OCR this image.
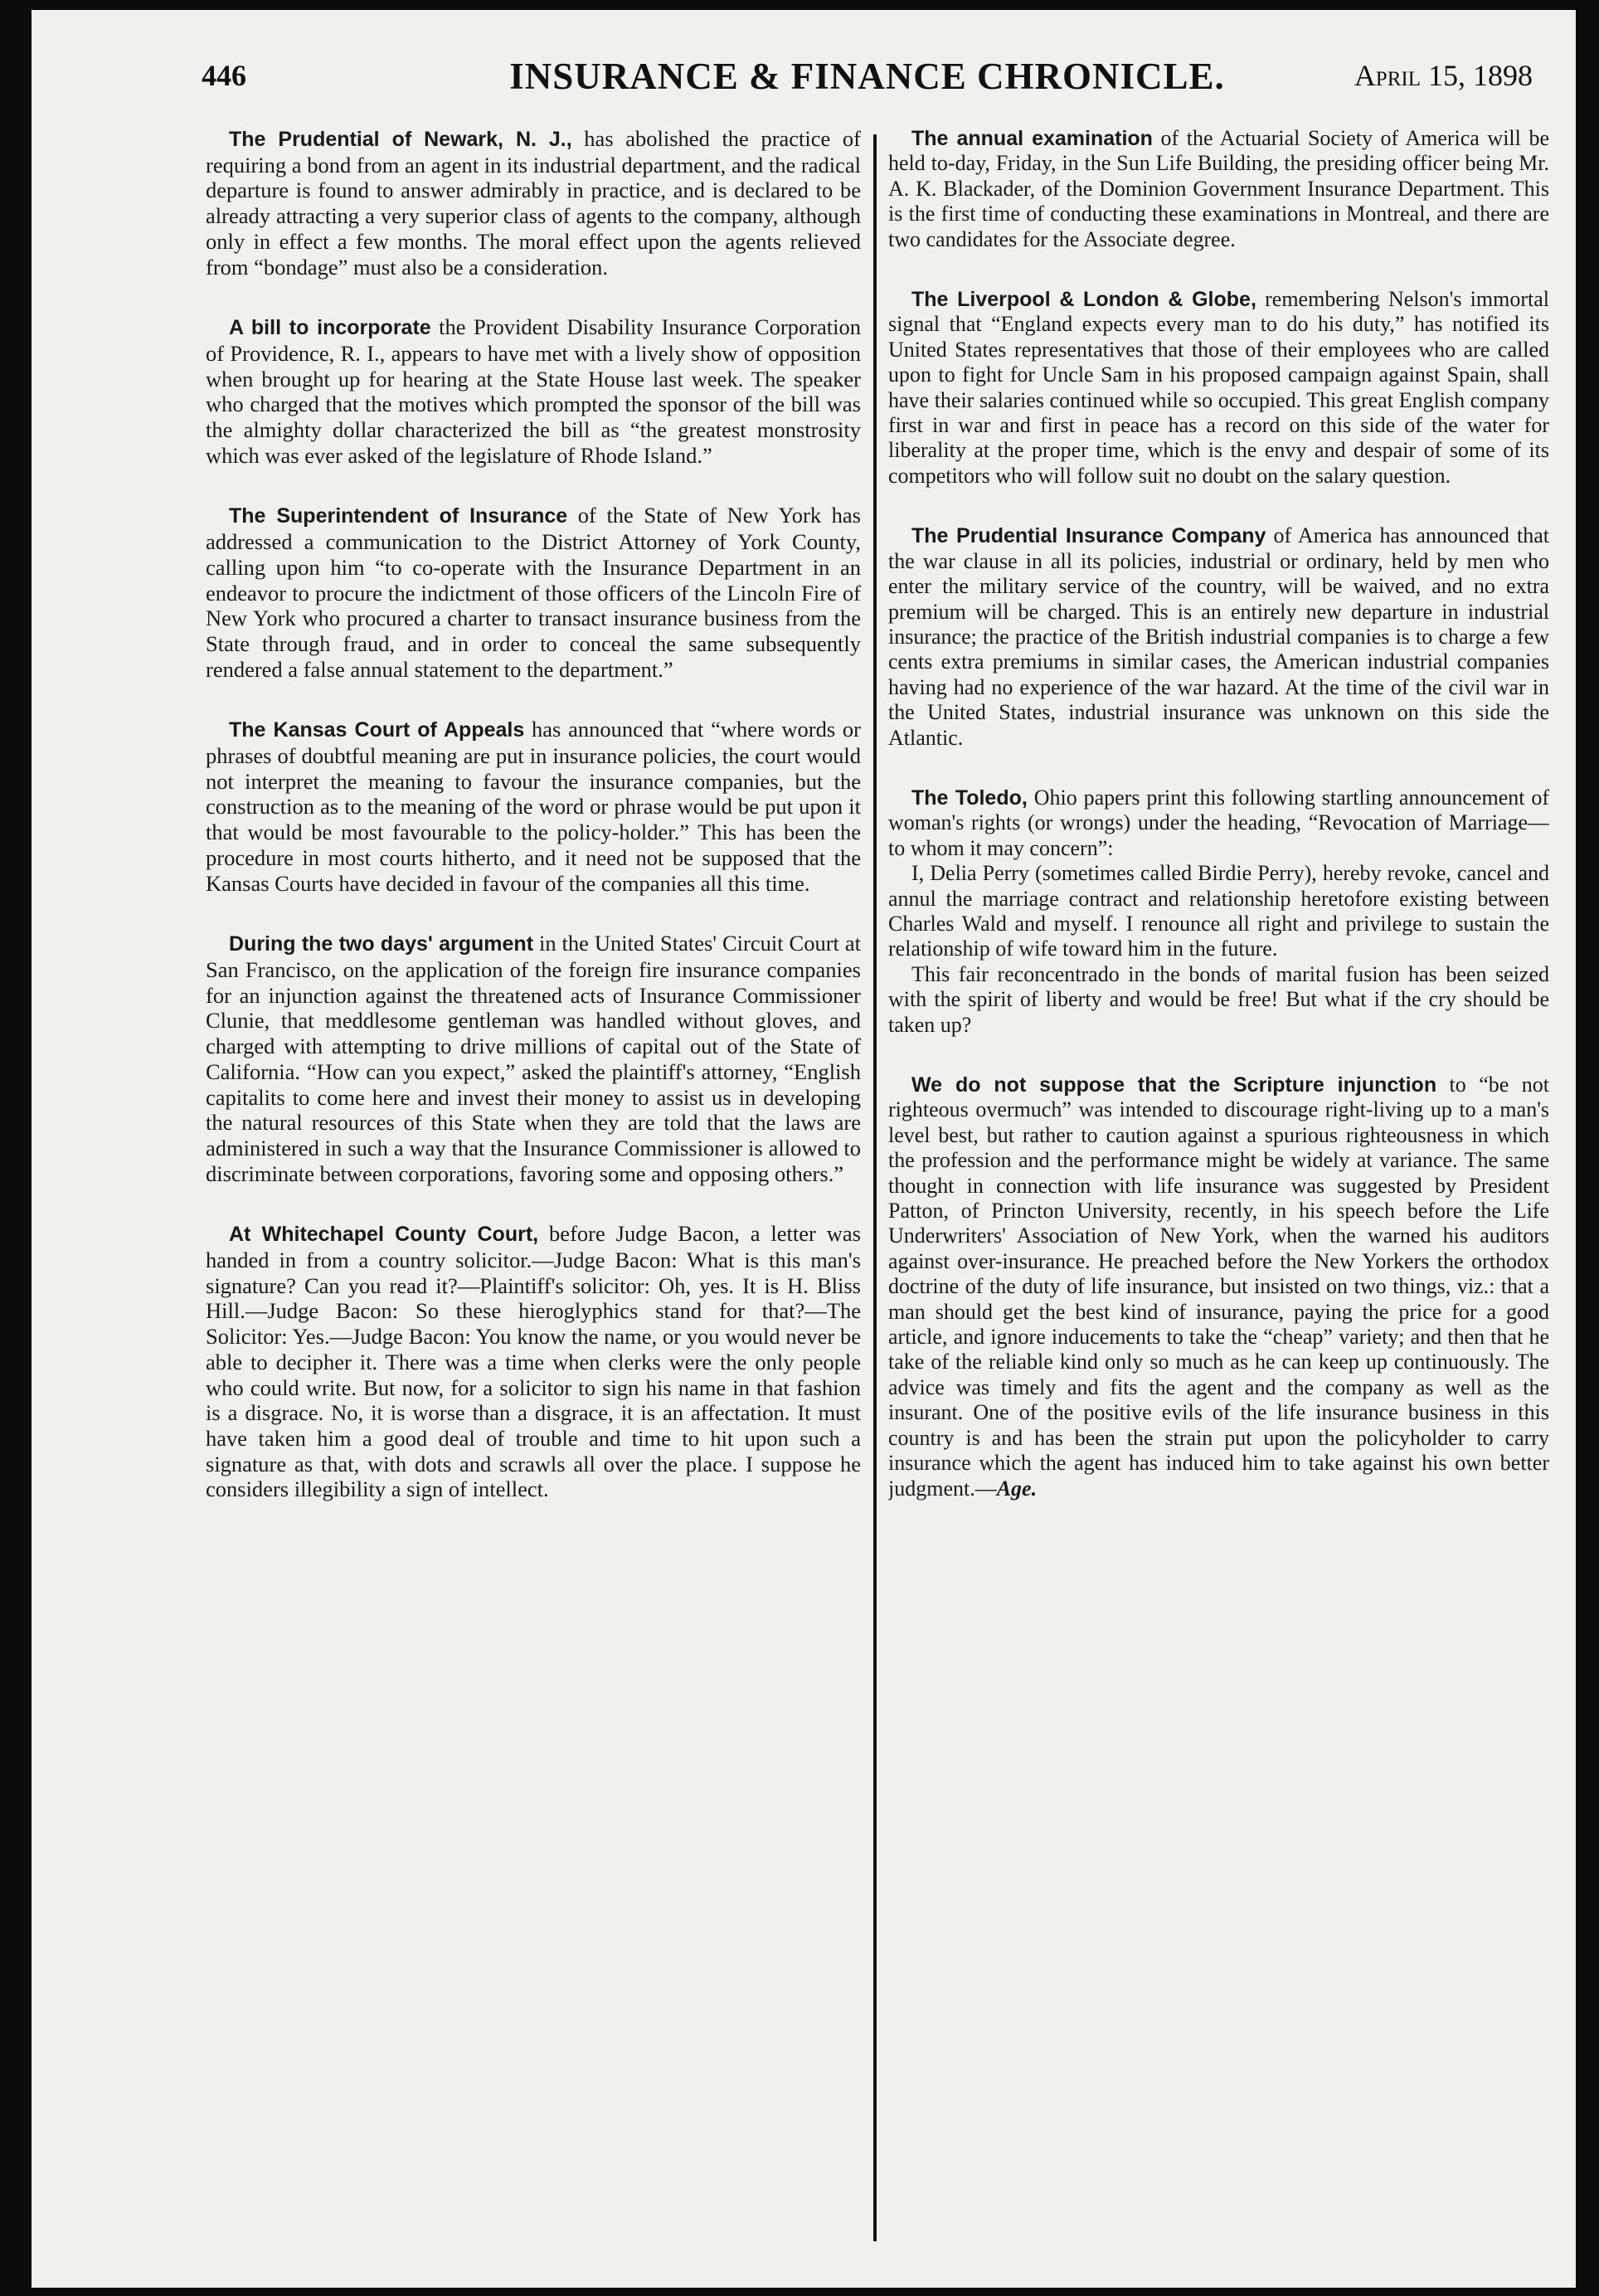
446	INSURANCE & FINANCE CHRONICLE.	April 15, 1898

The Prudential of Newark, N. J., has abolished the practice of requiring a bond from an agent in its industrial department, and the radical departure is found to answer admirably in practice, and is declared to be already attracting a very superior class of agents to the company, although only in effect a few months. The moral effect upon the agents relieved from “bondage” must also be a consideration.

A bill to incorporate the Provident Disability Insurance Corporation of Providence, R. I., appears to have met with a lively show of opposition when brought up for hearing at the State House last week. The speaker who charged that the motives which prompted the sponsor of the bill was the almighty dollar characterized the bill as “the greatest monstrosity which was ever asked of the legislature of Rhode Island.”

The Superintendent of Insurance of the State of New York has addressed a communication to the District Attorney of York County, calling upon him “to co-operate with the Insurance Department in an endeavor to procure the indictment of those officers of the Lincoln Fire of New York who procured a charter to transact insurance business from the State through fraud, and in order to conceal the same subsequently rendered a false annual statement to the department.”

The Kansas Court of Appeals has announced that “where words or phrases of doubtful meaning are put in insurance policies, the court would not interpret the meaning to favour the insurance companies, but the construction as to the meaning of the word or phrase would be put upon it that would be most favourable to the policy-holder.” This has been the procedure in most courts hitherto, and it need not be supposed that the Kansas Courts have decided in favour of the companies all this time.

During the two days' argument in the United States' Circuit Court at San Francisco, on the application of the foreign fire insurance companies for an injunction against the threatened acts of Insurance Commissioner Clunie, that meddlesome gentleman was handled without gloves, and charged with attempting to drive millions of capital out of the State of California. “How can you expect,” asked the plaintiff's attorney, “English capitalits to come here and invest their money to assist us in developing the natural resources of this State when they are told that the laws are administered in such a way that the Insurance Commissioner is allowed to discriminate between corporations, favoring some and opposing others.”

At Whitechapel County Court, before Judge Bacon, a letter was handed in from a country solicitor.—Judge Bacon: What is this man's signature? Can you read it?—Plaintiff's solicitor: Oh, yes. It is H. Bliss Hill.—Judge Bacon: So these hieroglyphics stand for that?—The Solicitor: Yes.—Judge Bacon: You know the name, or you would never be able to decipher it. There was a time when clerks were the only people who could write. But now, for a solicitor to sign his name in that fashion is a disgrace. No, it is worse than a disgrace, it is an affectation. It must have taken him a good deal of trouble and time to hit upon such a signature as that, with dots and scrawls all over the place. I suppose he considers illegibility a sign of intellect.

The annual examination of the Actuarial Society of America will be held to-day, Friday, in the Sun Life Building, the presiding officer being Mr. A. K. Blackader, of the Dominion Government Insurance Department. This is the first time of conducting these examinations in Montreal, and there are two candidates for the Associate degree.

The Liverpool & London & Globe, remembering Nelson's immortal signal that “England expects every man to do his duty,” has notified its United States representatives that those of their employees who are called upon to fight for Uncle Sam in his proposed campaign against Spain, shall have their salaries continued while so occupied. This great English company first in war and first in peace has a record on this side of the water for liberality at the proper time, which is the envy and despair of some of its competitors who will follow suit no doubt on the salary question.

The Prudential Insurance Company of America has announced that the war clause in all its policies, industrial or ordinary, held by men who enter the military service of the country, will be waived, and no extra premium will be charged. This is an entirely new departure in industrial insurance; the practice of the British industrial companies is to charge a few cents extra premiums in similar cases, the American industrial companies having had no experience of the war hazard. At the time of the civil war in the United States, industrial insurance was unknown on this side the Atlantic.

The Toledo, Ohio papers print this following startling announcement of woman's rights (or wrongs) under the heading, “Revocation of Marriage—to whom it may concern”:

I, Delia Perry (sometimes called Birdie Perry), hereby revoke, cancel and annul the marriage contract and relationship heretofore existing between Charles Wald and myself. I renounce all right and privilege to sustain the relationship of wife toward him in the future.

This fair reconcentrado in the bonds of marital fusion has been seized with the spirit of liberty and would be free! But what if the cry should be taken up?

We do not suppose that the Scripture injunction to “be not righteous overmuch” was intended to discourage right-living up to a man's level best, but rather to caution against a spurious righteousness in which the profession and the performance might be widely at variance. The same thought in connection with life insurance was suggested by President Patton, of Princton University, recently, in his speech before the Life Underwriters' Association of New York, when the warned his auditors against over-insurance. He preached before the New Yorkers the orthodox doctrine of the duty of life insurance, but insisted on two things, viz.: that a man should get the best kind of insurance, paying the price for a good article, and ignore inducements to take the “cheap” variety; and then that he take of the reliable kind only so much as he can keep up continuously. The advice was timely and fits the agent and the company as well as the insurant. One of the positive evils of the life insurance business in this country is and has been the strain put upon the policyholder to carry insurance which the agent has induced him to take against his own better judgment.—Age.
